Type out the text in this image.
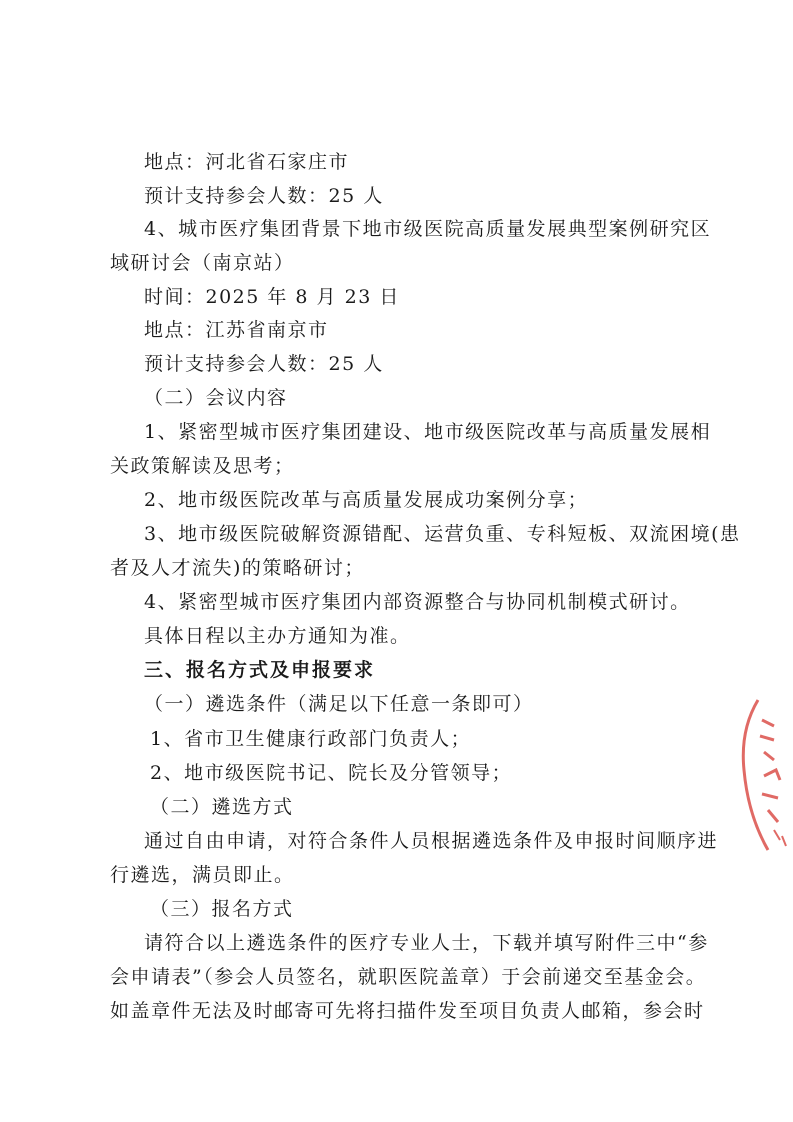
地点：河北省石家庄市
预计支持参会人数：25 人
4、城市医疗集团背景下地市级医院高质量发展典型案例研究区
域研讨会（南京站）
时间：2025 年 8 月 23 日
地点：江苏省南京市
预计支持参会人数：25 人
（二）会议内容
1、紧密型城市医疗集团建设、地市级医院改革与高质量发展相
关政策解读及思考；
2、地市级医院改革与高质量发展成功案例分享；
3、地市级医院破解资源错配、运营负重、专科短板、双流困境(患
者及人才流失)的策略研讨；
4、紧密型城市医疗集团内部资源整合与协同机制模式研讨。
具体日程以主办方通知为准。
三、报名方式及申报要求
（一）遴选条件（满足以下任意一条即可）
1、省市卫生健康行政部门负责人；
2、地市级医院书记、院长及分管领导；
（二）遴选方式
通过自由申请，对符合条件人员根据遴选条件及申报时间顺序进
行遴选，满员即止。
（三）报名方式
请符合以上遴选条件的医疗专业人士，下载并填写附件三中“参
会申请表”（参会人员签名，就职医院盖章）于会前递交至基金会。
如盖章件无法及时邮寄可先将扫描件发至项目负责人邮箱，参会时
